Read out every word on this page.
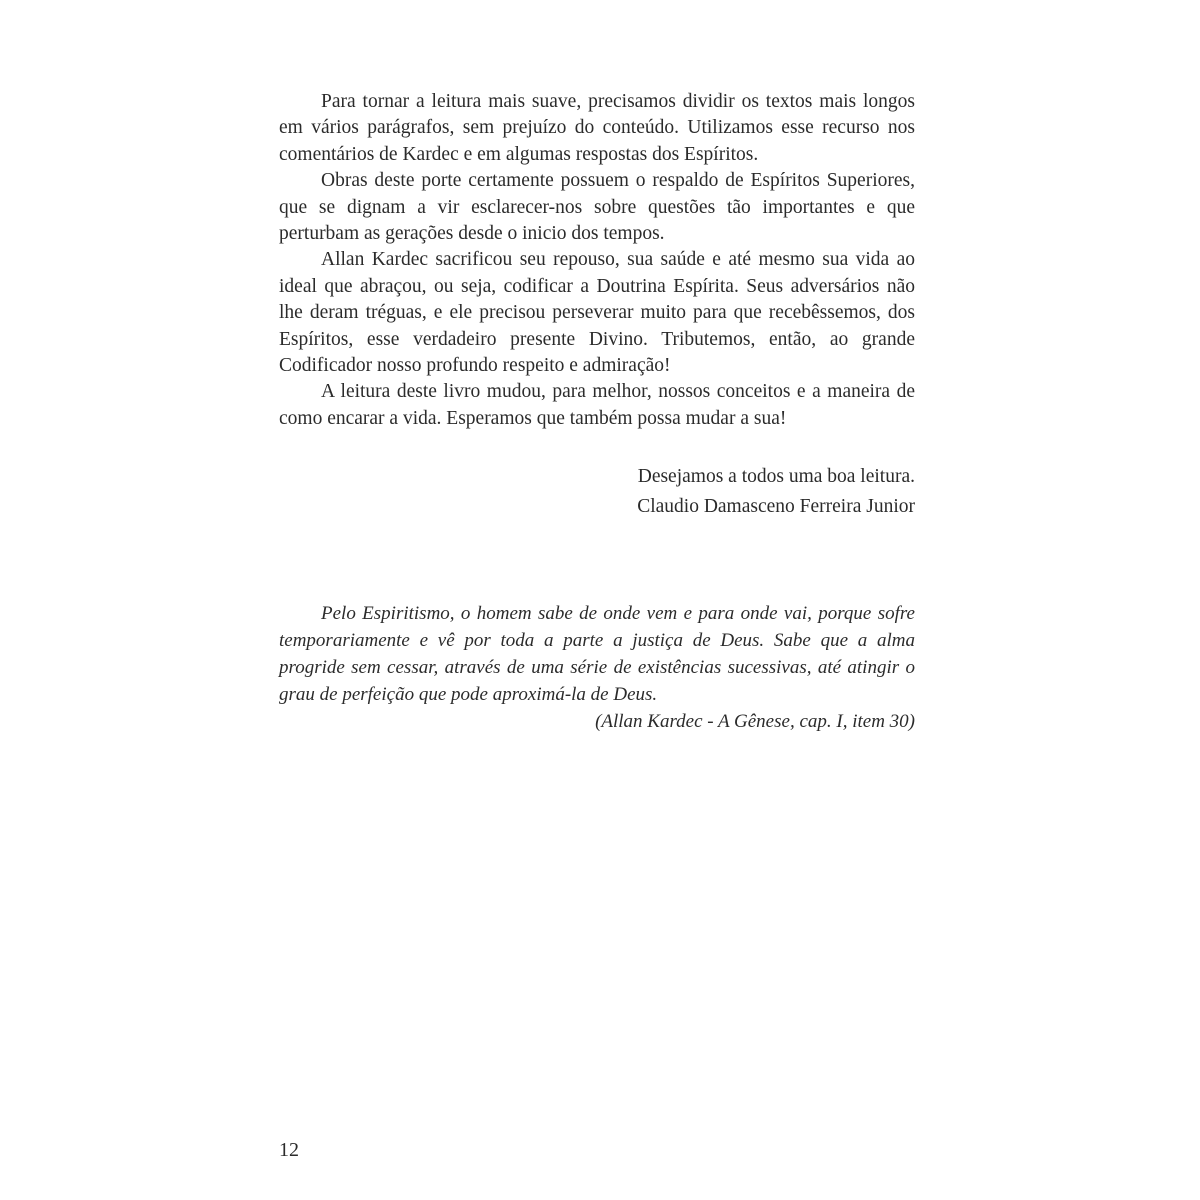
Para tornar a leitura mais suave, precisamos dividir os textos mais longos em vários parágrafos, sem prejuízo do conteúdo. Utilizamos esse recurso nos comentários de Kardec e em algumas respostas dos Espíritos.

Obras deste porte certamente possuem o respaldo de Espíritos Superiores, que se dignam a vir esclarecer-nos sobre questões tão importantes e que perturbam as gerações desde o inicio dos tempos.

Allan Kardec sacrificou seu repouso, sua saúde e até mesmo sua vida ao ideal que abraçou, ou seja, codificar a Doutrina Espírita. Seus adversários não lhe deram tréguas, e ele precisou perseverar muito para que recebêssemos, dos Espíritos, esse verdadeiro presente Divino. Tributemos, então, ao grande Codificador nosso profundo respeito e admiração!

A leitura deste livro mudou, para melhor, nossos conceitos e a maneira de como encarar a vida. Esperamos que também possa mudar a sua!

Desejamos a todos uma boa leitura.
Claudio Damasceno Ferreira Junior

Pelo Espiritismo, o homem sabe de onde vem e para onde vai, porque sofre temporariamente e vê por toda a parte a justiça de Deus. Sabe que a alma progride sem cessar, através de uma série de existências sucessivas, até atingir o grau de perfeição que pode aproximá-la de Deus.

(Allan Kardec - A Gênese, cap. I, item 30)

12
